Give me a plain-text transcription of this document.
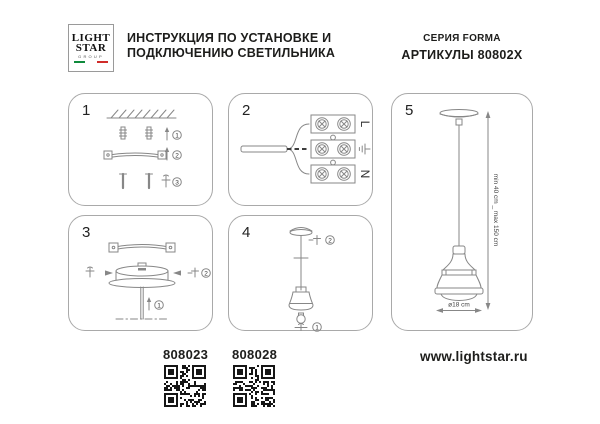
LIGHT
STAR
GROUP
ИНСТРУКЦИЯ ПО УСТАНОВКЕ И
ПОДКЛЮЧЕНИЮ СВЕТИЛЬНИКА
СЕРИЯ FORMA
АРТИКУЛЫ 80802X
1
1
2
3
2
L
N
3
2
1
4	2
1
5
min 40 cm _ max 150 cm
ø18 cm
808023 808028	www.lightstar.ru
